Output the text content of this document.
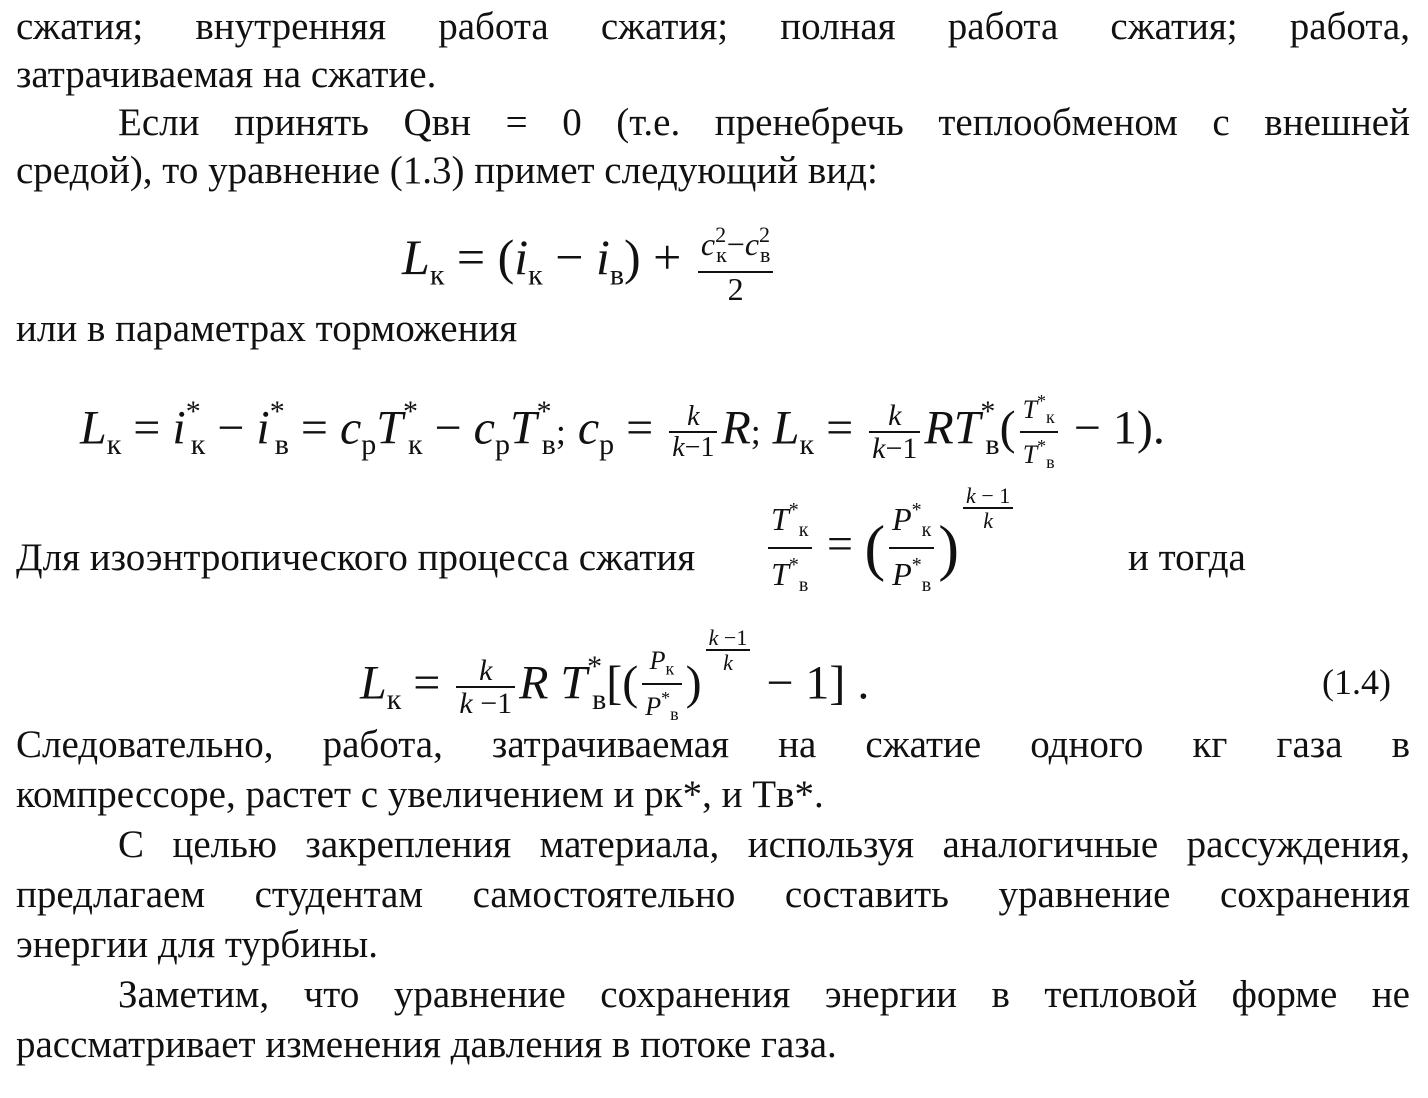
сжатия; внутренняя работа сжатия; полная работа сжатия; работа,
затрачиваемая на сжатие.
Если принять Qвн = 0 (т.е. пренебречь теплообменом с внешней
средой), то уравнение (1.3) примет следующий вид:
$L_к = (i_к - i_в) + \frac{c^2_к-c^2_в}{2}$
или в параметрах торможения
$L_к = i^*_к - i^*_в = c_pT^*_к - c_pT^*_в$; $c_р = \frac{k}{k-1} R$; $L_к = \frac{k}{k-1} RT^*_в( \frac{T^*_к}{T^*_в} - 1)$.
Для изоэнтропического процесса сжатия $\frac{T^*к}{T^*в}$ = ( $\frac{P^*к}{P^*в}$ )
$\frac{k - 1}{k}$
и тогда
$L_к = \frac{k}{k -1}$ R $T^*_в[( \frac{P_к}{P^*_в}$ )
$\frac{k -1}{k}$
− 1] .	(1.4)
Следовательно, работа, затрачиваемая на сжатие одного кг газа в
компрессоре, растет с увеличением и pк*, и Tв*.
С целью закрепления материала, используя аналогичные рассуждения,
предлагаем студентам самостоятельно составить уравнение сохранения
энергии для турбины.
Заметим, что уравнение сохранения энергии в тепловой форме не
рассматривает изменения давления в потоке газа.
